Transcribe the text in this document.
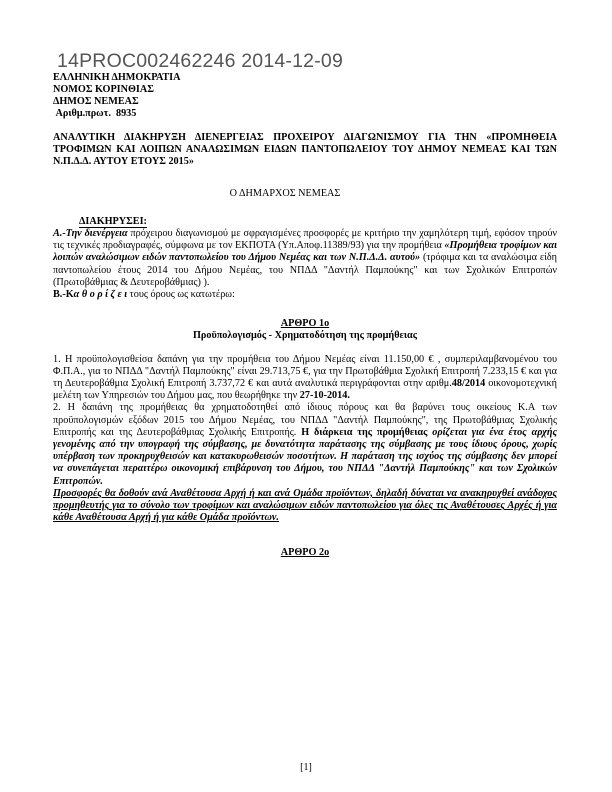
14PROC002462246 2014-12-09
ΕΛΛΗΝΙΚΗ ΔΗΜΟΚΡΑΤΙΑ
ΝΟΜΟΣ ΚΟΡΙΝΘΙΑΣ
ΔΗΜΟΣ ΝΕΜΕΑΣ
Αριθμ.πρωτ. 8935
ΑΝΑΛΥΤΙΚΗ ΔΙΑΚΗΡΥΞΗ ΔΙΕΝΕΡΓΕΙΑΣ ΠΡΟΧΕΙΡΟΥ ΔΙΑΓΩΝΙΣΜΟΥ ΓΙΑ ΤΗΝ «ΠΡΟΜΗΘΕΙΑ ΤΡΟΦΙΜΩΝ ΚΑΙ ΛΟΙΠΩΝ ΑΝΑΛΩΣΙΜΩΝ ΕΙΔΩΝ ΠΑΝΤΟΠΩΛΕΙΟΥ ΤΟΥ ΔΗΜΟΥ ΝΕΜΕΑΣ ΚΑΙ ΤΩΝ Ν.Π.Δ.Δ. ΑΥΤΟΥ ΕΤΟΥΣ 2015»
Ο ΔΗΜΑΡΧΟΣ ΝΕΜΕΑΣ
ΔΙΑΚΗΡΥΣΕΙ:

Α.-Την διενέργεια πρόχειρου διαγωνισμού με σφραγισμένες προσφορές με κριτήριο την χαμηλότερη τιμή, εφόσον τηρούν τις τεχνικές προδιαγραφές, σύμφωνα με τον ΕΚΠΟΤΑ (Υπ.Αποφ.11389/93) για την προμήθεια «Προμήθεια τροφίμων και λοιπών αναλώσιμων ειδών παντοπωλείου του Δήμου Νεμέας και των Ν.Π.Δ.Δ. αυτού» (τρόφιμα και τα αναλώσιμα είδη παντοπωλείου έτους 2014 του Δήμου Νεμέας, του ΝΠΔΔ "Δαντήλ Παμπούκης" και των Σχολικών Επιτροπών (Πρωτοβάθμιας & Δευτεροβάθμιας) ).

Β.-Κα θ ο ρ ί ζ ε ι τους όρους ως κατωτέρω:

ΑΡΘΡΟ 1ο
Προϋπολογισμός - Χρηματοδότηση της προμήθειας

1. Η προϋπολογισθείσα δαπάνη για την προμήθεια του Δήμου Νεμέας είναι 11.150,00 € , συμπεριλαμβανομένου του Φ.Π.Α., για το ΝΠΔΔ "Δαντήλ Παμπούκης" είναι 29.713,75 €, για την Πρωτοβάθμια Σχολική Επιτροπή 7.233,15 € και για τη Δευτεροβάθμια Σχολική Επιτροπή 3.737,72 € και αυτά αναλυτικά περιγράφονται στην αριθμ.48/2014 οικονομοτεχνική μελέτη των Υπηρεσιών του Δήμου μας, που θεωρήθηκε την 27-10-2014.

2. Η δαπάνη της προμήθειας θα χρηματοδοτηθεί από ίδιους πόρους και θα βαρύνει τους οικείους Κ.Α των προϋπολογισμών εξόδων 2015 του Δήμου Νεμέας, του ΝΠΔΔ "Δαντήλ Παμπούκης", της Πρωτοβάθμιας Σχολικής Επιτροπής και της Δευτεροβάθμιας Σχολικής Επιτροπής. Η διάρκεια της προμήθειας ορίζεται για ένα έτος αρχής γενομένης από την υπογραφή της σύμβασης, με δυνατότητα παράτασης της σύμβασης με τους ίδιους όρους, χωρίς υπέρβαση των προκηρυχθεισών και κατακυρωθεισών ποσοτήτων. Η παράταση της ισχύος της σύμβασης δεν μπορεί να συνεπάγεται περαιτέρω οικονομική επιβάρυνση του Δήμου, του ΝΠΔΔ "Δαντήλ Παμπούκης" και των Σχολικών Επιτροπών.

Προσφορές θα δοθούν ανά Αναθέτουσα Αρχή ή και ανά Ομάδα προϊόντων, δηλαδή δύναται να ανακηρυχθεί ανάδοχος προμηθευτής για το σύνολο των τροφίμων και αναλώσιμων ειδών παντοπωλείου για όλες τις Αναθέτουσες Αρχές ή για κάθε Αναθέτουσα Αρχή ή για κάθε Ομάδα προϊόντων.

ΑΡΘΡΟ 2ο
[1]
